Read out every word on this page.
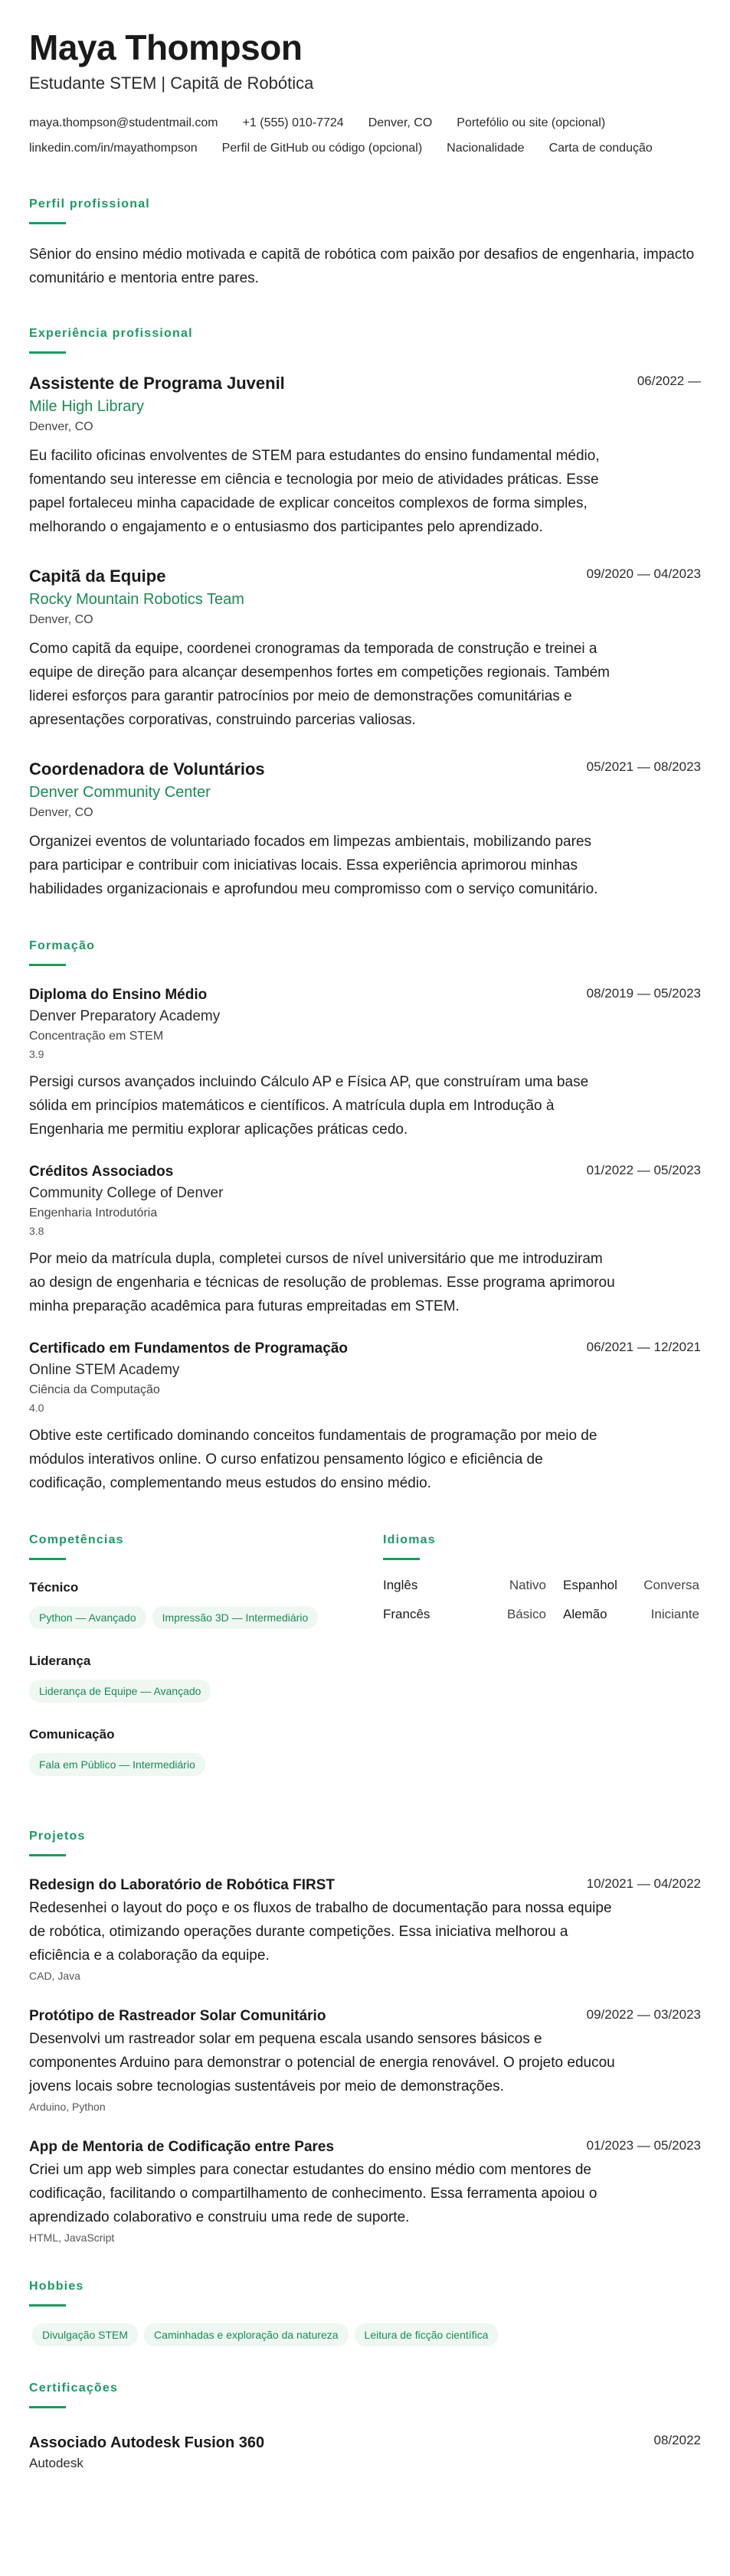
Maya Thompson
Estudante STEM | Capitã de Robótica
maya.thompson@studentmail.com +1 (555) 010-7724 Denver, CO Portefólio ou site (opcional)
linkedin.com/in/mayathompson Perfil de GitHub ou código (opcional) Nacionalidade Carta de condução
Perfil profissional
Sênior do ensino médio motivada e capitã de robótica com paixão por desafios de engenharia, impacto comunitário e mentoria entre pares.
Experiência profissional
06/2022 —
Assistente de Programa Juvenil
Mile High Library
Denver, CO
Eu facilito oficinas envolventes de STEM para estudantes do ensino fundamental médio, fomentando seu interesse em ciência e tecnologia por meio de atividades práticas. Esse papel fortaleceu minha capacidade de explicar conceitos complexos de forma simples, melhorando o engajamento e o entusiasmo dos participantes pelo aprendizado.
09/2020 — 04/2023
Capitã da Equipe
Rocky Mountain Robotics Team
Denver, CO
Como capitã da equipe, coordenei cronogramas da temporada de construção e treinei a equipe de direção para alcançar desempenhos fortes em competições regionais. Também liderei esforços para garantir patrocínios por meio de demonstrações comunitárias e apresentações corporativas, construindo parcerias valiosas.
05/2021 — 08/2023
Coordenadora de Voluntários
Denver Community Center
Denver, CO
Organizei eventos de voluntariado focados em limpezas ambientais, mobilizando pares para participar e contribuir com iniciativas locais. Essa experiência aprimorou minhas habilidades organizacionais e aprofundou meu compromisso com o serviço comunitário.
Formação
08/2019 — 05/2023
Diploma do Ensino Médio
Denver Preparatory Academy
Concentração em STEM
3.9
Persigi cursos avançados incluindo Cálculo AP e Física AP, que construíram uma base sólida em princípios matemáticos e científicos. A matrícula dupla em Introdução à Engenharia me permitiu explorar aplicações práticas cedo.
01/2022 — 05/2023
Créditos Associados
Community College of Denver
Engenharia Introdutória
3.8
Por meio da matrícula dupla, completei cursos de nível universitário que me introduziram ao design de engenharia e técnicas de resolução de problemas. Esse programa aprimorou minha preparação acadêmica para futuras empreitadas em STEM.
06/2021 — 12/2021
Certificado em Fundamentos de Programação
Online STEM Academy
Ciência da Computação
4.0
Obtive este certificado dominando conceitos fundamentais de programação por meio de módulos interativos online. O curso enfatizou pensamento lógico e eficiência de codificação, complementando meus estudos do ensino médio.
Competências
Técnico
Python — Avançado Impressão 3D — Intermediário
Liderança
Liderança de Equipe — Avançado
Comunicação
Fala em Público — Intermediário
Idiomas
Inglês	Nativo Espanhol	Conversa
Francês	Básico Alemão	Iniciante
Projetos
10/2021 — 04/2022
Redesign do Laboratório de Robótica FIRST
Redesenhei o layout do poço e os fluxos de trabalho de documentação para nossa equipe de robótica, otimizando operações durante competições. Essa iniciativa melhorou a eficiência e a colaboração da equipe.
CAD, Java
09/2022 — 03/2023
Protótipo de Rastreador Solar Comunitário
Desenvolvi um rastreador solar em pequena escala usando sensores básicos e componentes Arduino para demonstrar o potencial de energia renovável. O projeto educou jovens locais sobre tecnologias sustentáveis por meio de demonstrações.
Arduino, Python
01/2023 — 05/2023
App de Mentoria de Codificação entre Pares
Criei um app web simples para conectar estudantes do ensino médio com mentores de codificação, facilitando o compartilhamento de conhecimento. Essa ferramenta apoiou o aprendizado colaborativo e construiu uma rede de suporte.
HTML, JavaScript
Hobbies
Divulgação STEM Caminhadas e exploração da natureza Leitura de ficção científica
Certificações
08/2022
Associado Autodesk Fusion 360
Autodesk
